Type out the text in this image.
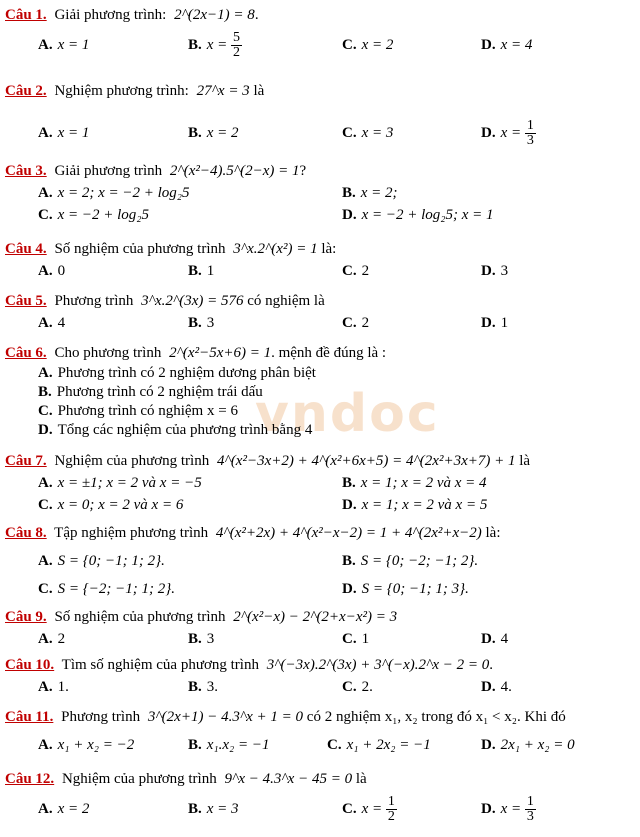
vndoc
Câu 1. Giải phương trình: 2^(2x−1) = 8.
A. x = 1	B. $x = \frac{5}{2}$	C. x = 2	D. x = 4
Câu 2. Nghiệm phương trình: 27^x = 3 là
A. x = 1	B. x = 2	C. x = 3	D. $x = \frac{1}{3}$
Câu 3. Giải phương trình 2^(x²−4).5^(2−x) = 1?
A. x = 2; x = −2 + log₂5	B. x = 2;
C. x = −2 + log₂5	D. x = −2 + log₂5; x = 1
Câu 4. Số nghiệm của phương trình 3^x.2^(x²) = 1 là:
A. 0	B. 1	C. 2	D. 3
Câu 5. Phương trình 3^x.2^(3x) = 576 có nghiệm là
A. 4	B. 3	C. 2	D. 1
Câu 6. Cho phương trình 2^(x²−5x+6) = 1. mệnh đề đúng là :
A. Phương trình có 2 nghiệm dương phân biệt
B. Phương trình có 2 nghiệm trái dấu
C. Phương trình có nghiệm x = 6
D. Tổng các nghiệm của phương trình bằng 4
Câu 7. Nghiệm của phương trình 4^(x²−3x+2) + 4^(x²+6x+5) = 4^(2x²+3x+7) + 1 là
A. x = ±1; x = 2 và x = −5	B. x = 1; x = 2 và x = 4
C. x = 0; x = 2 và x = 6	D. x = 1; x = 2 và x = 5
Câu 8. Tập nghiệm phương trình 4^(x²+2x) + 4^(x²−x−2) = 1 + 4^(2x²+x−2) là:
A. S = {0; −1; 1; 2}.	B. S = {0; −2; −1; 2}.
C. S = {−2; −1; 1; 2}.	D. S = {0; −1; 1; 3}.
Câu 9. Số nghiệm của phương trình 2^(x²−x) − 2^(2+x−x²) = 3
A. 2	B. 3	C. 1	D. 4
Câu 10. Tìm số nghiệm của phương trình 3^(−3x).2^(3x) + 3^(−x).2^x − 2 = 0.
A. 1.	B. 3.	C. 2.	D. 4.
Câu 11. Phương trình 3^(2x+1) − 4.3^x + 1 = 0 có 2 nghiệm x₁, x₂ trong đó x₁ < x₂. Khi đó
A. x₁ + x₂ = −2	B. x₁.x₂ = −1	C. x₁ + 2x₂ = −1	D. 2x₁ + x₂ = 0
Câu 12. Nghiệm của phương trình 9^x − 4.3^x − 45 = 0 là
A. x = 2	B. x = 3	C. $x = \frac{1}{2}$	D. $x = \frac{1}{3}$
